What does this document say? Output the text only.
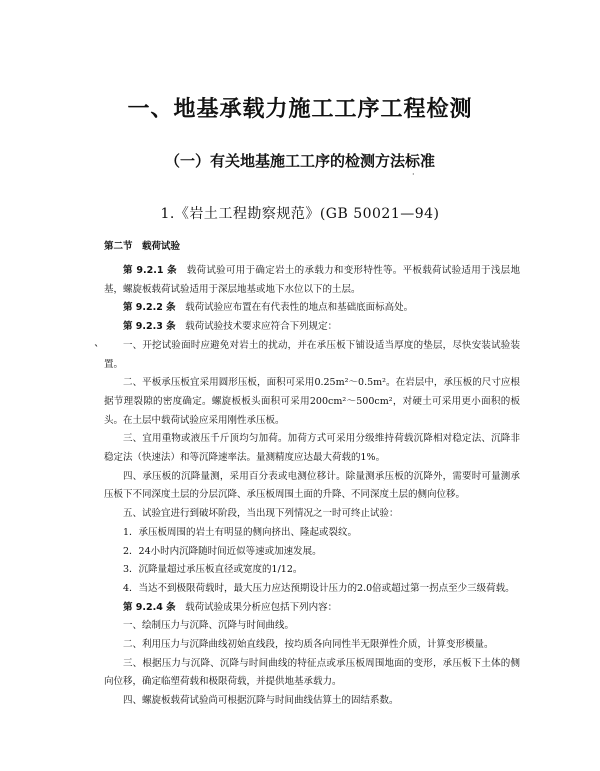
一、地基承载力施工工序工程检测
（一）有关地基施工工序的检测方法标准
·
1.《岩土工程勘察规范》(GB 50021—94)
第二节　载荷试验
`

第 9.2.1 条　载荷试验可用于确定岩土的承载力和变形特性等。平板载荷试验适用于浅层地基，螺旋板载荷试验适用于深层地基或地下水位以下的土层。

第 9.2.2 条　载荷试验应布置在有代表性的地点和基础底面标高处。

第 9.2.3 条　载荷试验技术要求应符合下列规定：

一、开挖试验面时应避免对岩土的扰动，并在承压板下铺设适当厚度的垫层，尽快安装试验装置。

二、平板承压板宜采用圆形压板，面积可采用0.25m²～0.5m²。在岩层中，承压板的尺寸应根据节理裂隙的密度确定。螺旋板板头面积可采用200cm²～500cm²，对硬土可采用更小面积的板头。在土层中载荷试验应采用刚性承压板。

三、宜用重物或液压千斤顶均匀加荷。加荷方式可采用分级维持荷载沉降相对稳定法、沉降非稳定法（快速法）和等沉降速率法。量测精度应达最大荷载的1%。

四、承压板的沉降量测，采用百分表或电测位移计。除量测承压板的沉降外，需要时可量测承压板下不同深度土层的分层沉降、承压板周围土面的升降、不同深度土层的侧向位移。

五、试验宜进行到破坏阶段，当出现下列情况之一时可终止试验：

1．承压板周围的岩土有明显的侧向挤出、隆起或裂纹。

2．24小时内沉降随时间近似等速或加速发展。

3．沉降量超过承压板直径或宽度的1/12。

4．当达不到极限荷载时，最大压力应达预期设计压力的2.0倍或超过第一拐点至少三级荷载。

第 9.2.4 条　载荷试验成果分析应包括下列内容：

一、绘制压力与沉降、沉降与时间曲线。

二、利用压力与沉降曲线初始直线段，按均质各向同性半无限弹性介质，计算变形模量。

三、根据压力与沉降、沉降与时间曲线的特征点或承压板周围地面的变形，承压板下土体的侧向位移，确定临塑荷载和极限荷载，并提供地基承载力。

四、螺旋板载荷试验尚可根据沉降与时间曲线估算土的固结系数。
